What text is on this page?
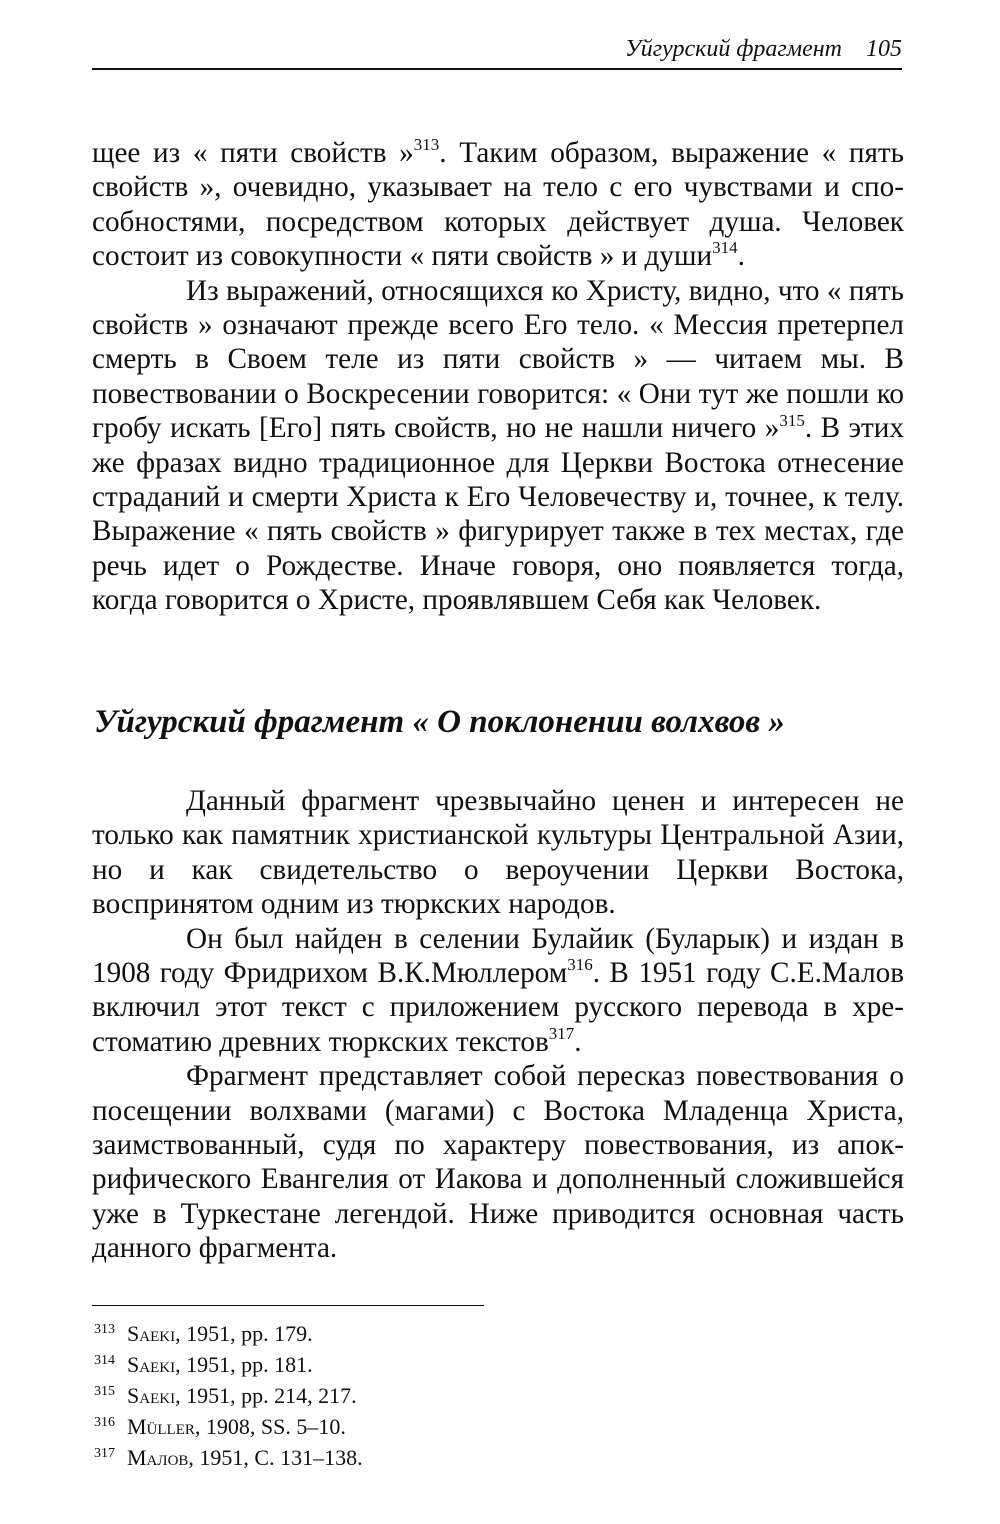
Уйгурский фрагмент 105

щее из « пяти свойств »$^{313}$. Таким образом, выражение « пять свойств », очевидно, указывает на тело с его чувствами и способностями, посредством которых действует душа. Человек состоит из совокупности « пяти свойств » и души$^{314}$.

Из выражений, относящихся ко Христу, видно, что « пять свойств » означают прежде всего Его тело. « Мессия претерпел смерть в Своем теле из пяти свойств » — читаем мы. В повествовании о Воскресении говорится: « Они тут же пошли ко гробу искать [Его] пять свойств, но не нашли ничего »$^{315}$. В этих же фразах видно традиционное для Церкви Востока отнесение страданий и смерти Христа к Его Человечеству и, точнее, к телу. Выражение « пять свойств » фигурирует также в тех местах, где речь идет о Рождестве. Иначе говоря, оно появляется тогда, когда говорится о Христе, проявлявшем Себя как Человек.

Уйгурский фрагмент « О поклонении волхвов »

Данный фрагмент чрезвычайно ценен и интересен не только как памятник христианской культуры Центральной Азии, но и как свидетельство о вероучении Церкви Востока, воспринятом одним из тюркских народов.

Он был найден в селении Булайик (Буларык) и издан в 1908 году Фридрихом В.К.Мюллером$^{316}$. В 1951 году С.Е.Малов включил этот текст с приложением русского перевода в хрестоматию древних тюркских текстов$^{317}$.

Фрагмент представляет собой пересказ повествования о посещении волхвами (магами) с Востока Младенца Христа, заимствованный, судя по характеру повествования, из апокрифического Евангелия от Иакова и дополненный сложившейся уже в Туркестане легендой. Ниже приводится основная часть данного фрагмента.

$^{313}$ Saeki, 1951, pp. 179.
$^{314}$ Saeki, 1951, pp. 181.
$^{315}$ Saeki, 1951, pp. 214, 217.
$^{316}$ Müller, 1908, SS. 5–10.
$^{317}$ Малов, 1951, С. 131–138.
